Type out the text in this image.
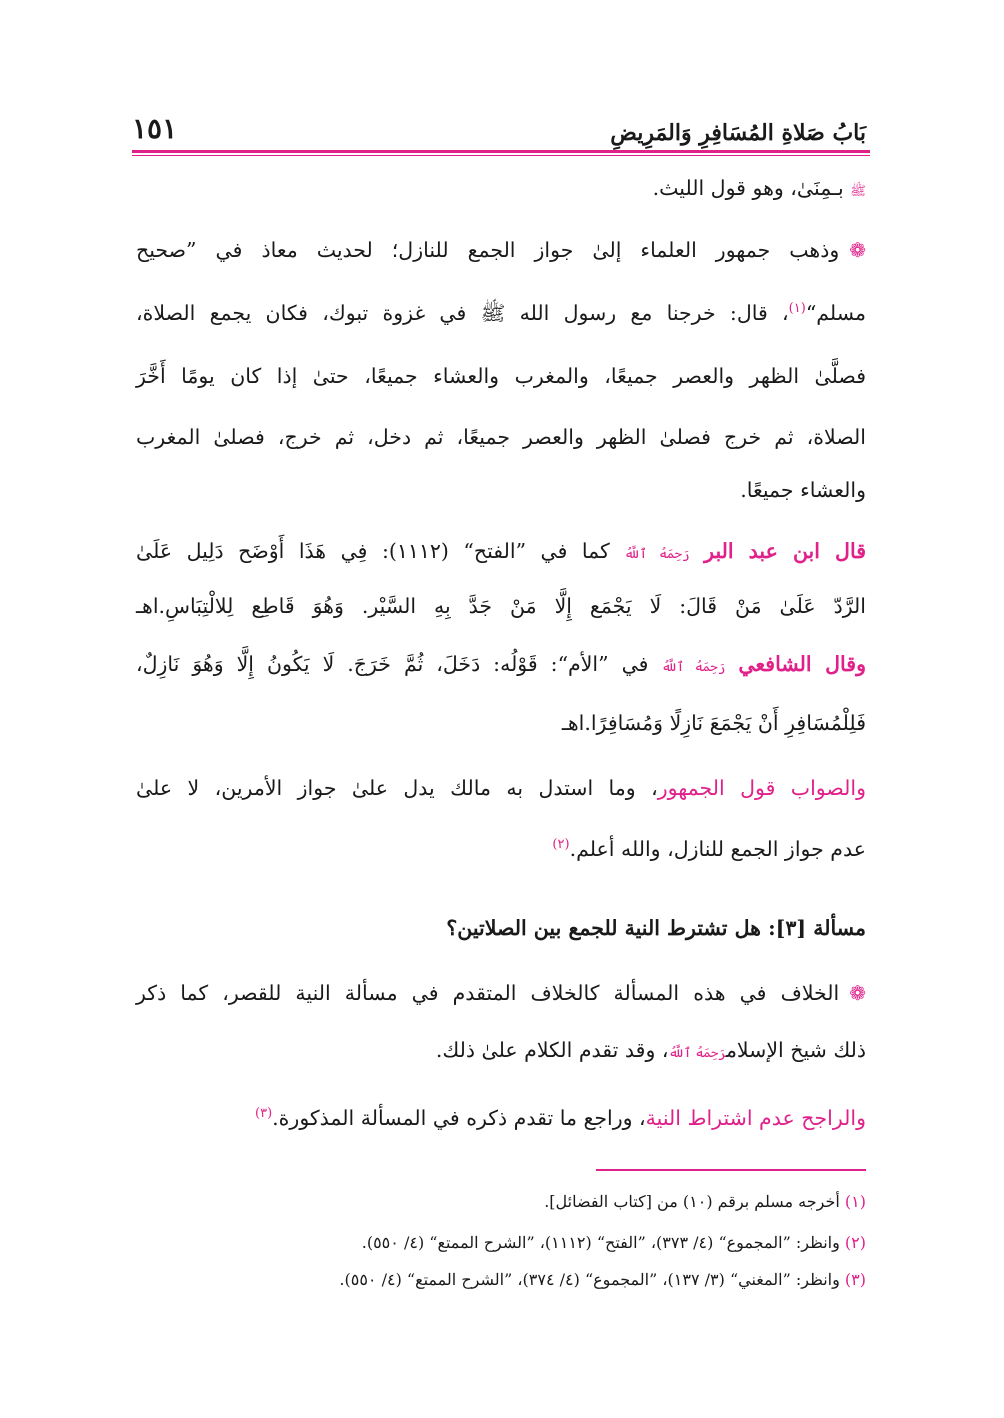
بَابُ صَلاةِ المُسَافِرِ وَالمَرِيضِ
١٥١
ﷺ بـمِنَىٰ، وهو قول الليث.
❁وذهب جمهور العلماء إلىٰ جواز الجمع للنازل؛ لحديث معاذ في ”صحيح
مسلم“$^{(١)}$، قال: خرجنا مع رسول الله ﷺ في غزوة تبوك، فكان يجمع الصلاة،
فصلَّىٰ الظهر والعصر جميعًا، والمغرب والعشاء جميعًا، حتىٰ إذا كان يومًا أَخَّرَ
الصلاة، ثم خرج فصلىٰ الظهر والعصر جميعًا، ثم دخل، ثم خرج، فصلىٰ المغرب
والعشاء جميعًا.
قال ابن عبد البر رَحِمَهُ ٱللَّهُ كما في ”الفتح“ (١١١٢): فِي هَذَا أَوْضَح دَلِيل عَلَىٰ
الرَّدّ عَلَىٰ مَنْ قَالَ: لَا يَجْمَع إِلَّا مَنْ جَدَّ بِهِ السَّيْر. وَهُوَ قَاطِع لِلالْتِبَاسِ.اهـ
وقال الشافعي رَحِمَهُ ٱللَّهُ في ”الأم“: قَوْلُه: دَخَلَ، ثُمَّ خَرَجَ. لَا يَكُونُ إِلَّا وَهُوَ نَازِلٌ،
فَلِلْمُسَافِرِ أَنْ يَجْمَعَ نَازِلًا وَمُسَافِرًا.اهـ
والصواب قول الجمهور، وما استدل به مالك يدل علىٰ جواز الأمرين، لا علىٰ
عدم جواز الجمع للنازل، والله أعلم.$^{(٢)}$
مسألة [٣]: هل تشترط النية للجمع بين الصلاتين؟
❁الخلاف في هذه المسألة كالخلاف المتقدم في مسألة النية للقصر، كما ذكر
ذلك شيخ الإسلامرَحِمَهُ ٱللَّهُ، وقد تقدم الكلام علىٰ ذلك.
والراجح عدم اشتراط النية، وراجع ما تقدم ذكره في المسألة المذكورة.$^{(٣)}$
(١) أخرجه مسلم برقم (١٠) من [كتاب الفضائل].
(٢) وانظر: ”المجموع“ (٤/ ٣٧٣)، ”الفتح“ (١١١٢)، ”الشرح الممتع“ (٤/ ٥٥٠).
(٣) وانظر: ”المغني“ (٣/ ١٣٧)، ”المجموع“ (٤/ ٣٧٤)، ”الشرح الممتع“ (٤/ ٥٥٠).
